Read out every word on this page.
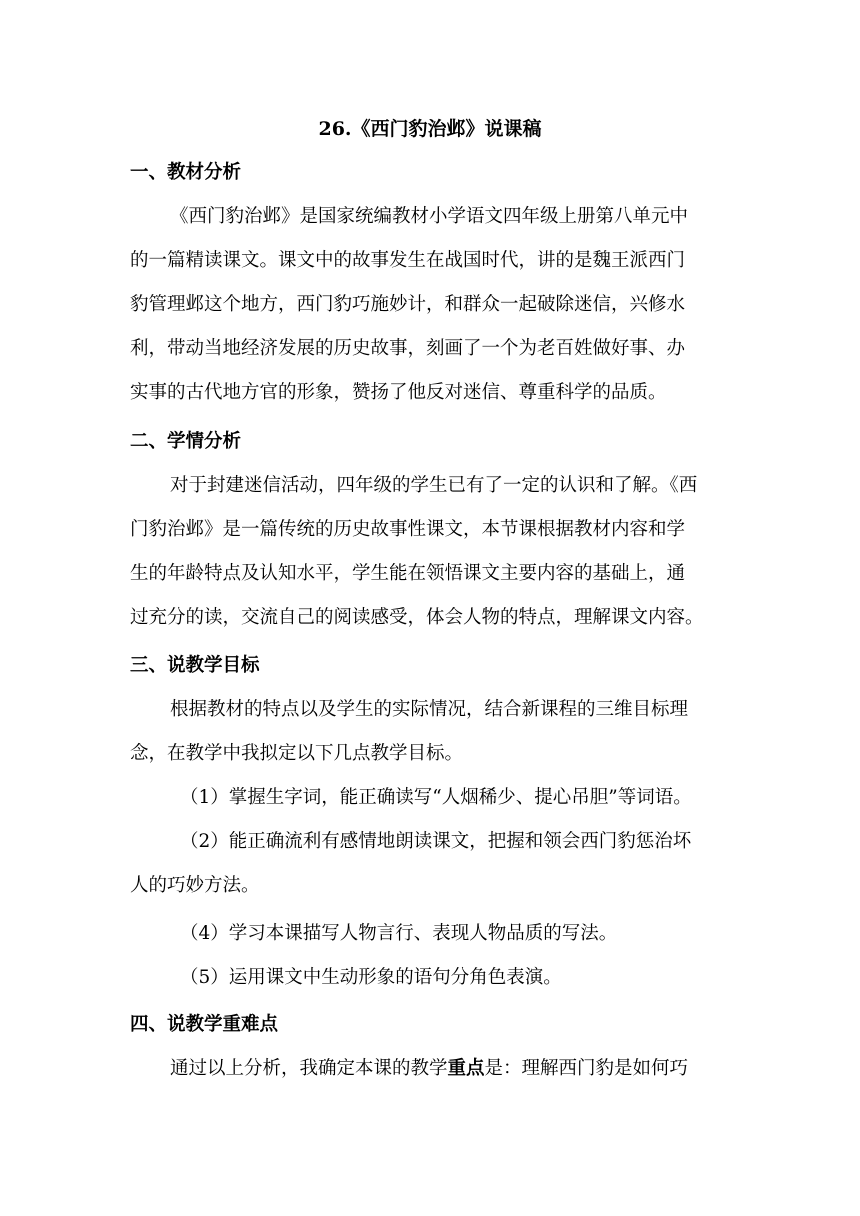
26.《西门豹治邺》说课稿
一、教材分析
《西门豹治邺》是国家统编教材小学语文四年级上册第八单元中
的一篇精读课文。课文中的故事发生在战国时代，讲的是魏王派西门
豹管理邺这个地方，西门豹巧施妙计，和群众一起破除迷信，兴修水
利，带动当地经济发展的历史故事，刻画了一个为老百姓做好事、办
实事的古代地方官的形象，赞扬了他反对迷信、尊重科学的品质。
二、学情分析
对于封建迷信活动，四年级的学生已有了一定的认识和了解。《西
门豹治邺》是一篇传统的历史故事性课文，本节课根据教材内容和学
生的年龄特点及认知水平，学生能在领悟课文主要内容的基础上，通
过充分的读，交流自己的阅读感受，体会人物的特点，理解课文内容。
三、说教学目标
根据教材的特点以及学生的实际情况，结合新课程的三维目标理
念，在教学中我拟定以下几点教学目标。
（1）掌握生字词，能正确读写“人烟稀少、提心吊胆”等词语。
（2）能正确流利有感情地朗读课文，把握和领会西门豹惩治坏
人的巧妙方法。
（4）学习本课描写人物言行、表现人物品质的写法。
（5）运用课文中生动形象的语句分角色表演。
四、说教学重难点
通过以上分析，我确定本课的教学重点是：理解西门豹是如何巧
